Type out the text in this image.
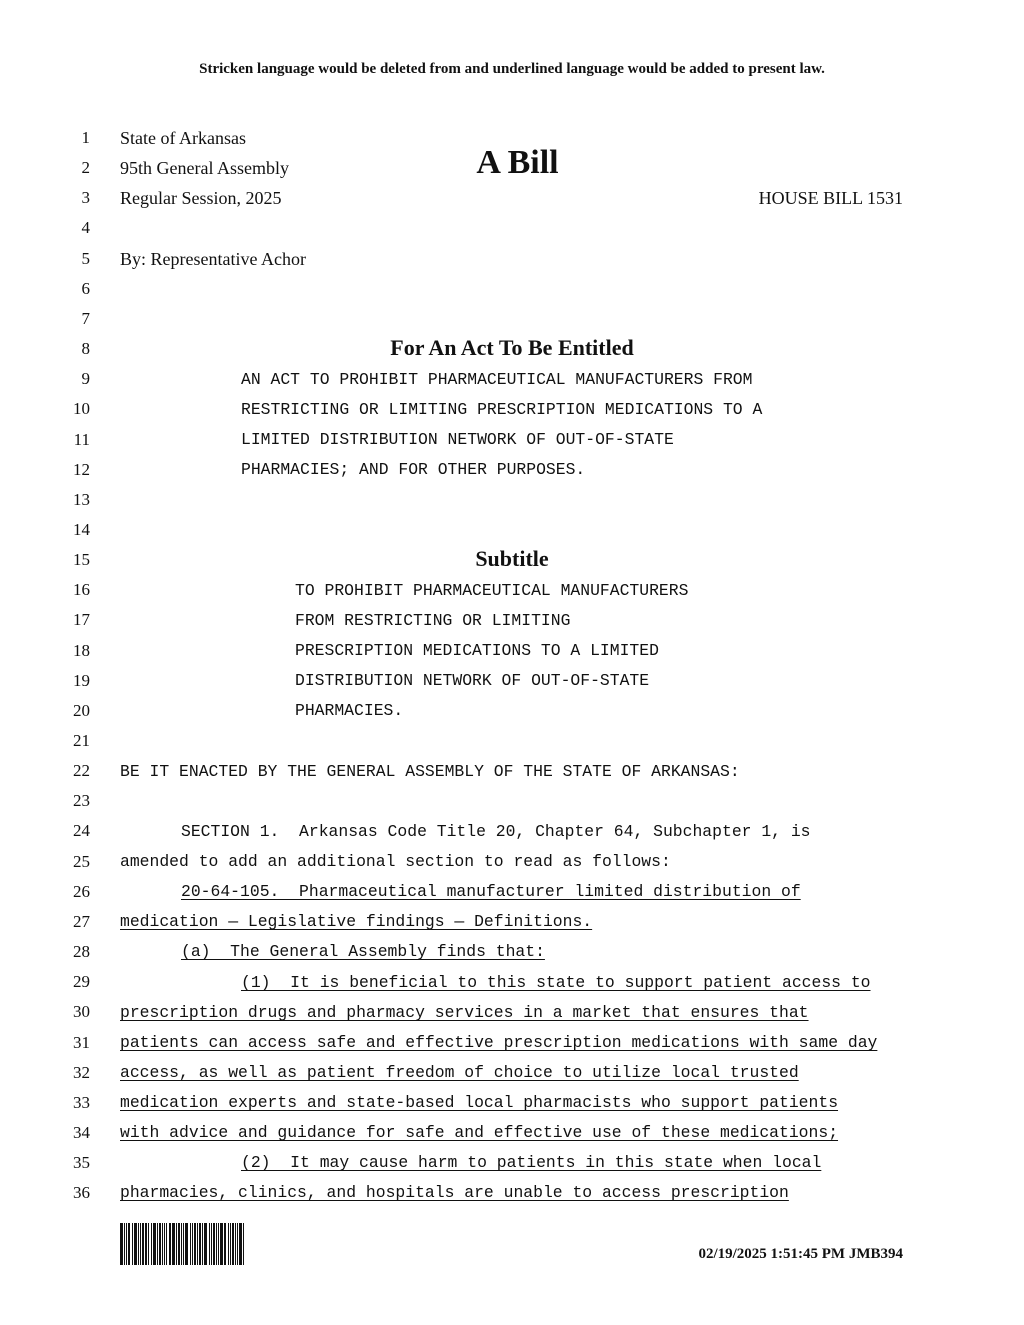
Stricken language would be deleted from and underlined language would be added to present law.
1
2
3
4
5
6
7
8
9
10
11
12
13
14
15
16
17
18
19
20
21
22
23
24
25
26
27
28
29
30
31
32
33
34
35
36
State of Arkansas
95th General Assembly
Regular Session, 2025
A Bill
HOUSE BILL 1531
By: Representative Achor
For An Act To Be Entitled
AN ACT TO PROHIBIT PHARMACEUTICAL MANUFACTURERS FROM
RESTRICTING OR LIMITING PRESCRIPTION MEDICATIONS TO A
LIMITED DISTRIBUTION NETWORK OF OUT-OF-STATE
PHARMACIES; AND FOR OTHER PURPOSES.
Subtitle
TO PROHIBIT PHARMACEUTICAL MANUFACTURERS
FROM RESTRICTING OR LIMITING
PRESCRIPTION MEDICATIONS TO A LIMITED
DISTRIBUTION NETWORK OF OUT-OF-STATE
PHARMACIES.
BE IT ENACTED BY THE GENERAL ASSEMBLY OF THE STATE OF ARKANSAS:
SECTION 1.  Arkansas Code Title 20, Chapter 64, Subchapter 1, is
amended to add an additional section to read as follows:
20-64-105.  Pharmaceutical manufacturer limited distribution of
medication — Legislative findings — Definitions.
(a)  The General Assembly finds that:
(1)  It is beneficial to this state to support patient access to
prescription drugs and pharmacy services in a market that ensures that
patients can access safe and effective prescription medications with same day
access, as well as patient freedom of choice to utilize local trusted
medication experts and state-based local pharmacists who support patients
with advice and guidance for safe and effective use of these medications;
(2)  It may cause harm to patients in this state when local
pharmacies, clinics, and hospitals are unable to access prescription
02/19/2025 1:51:45 PM JMB394
